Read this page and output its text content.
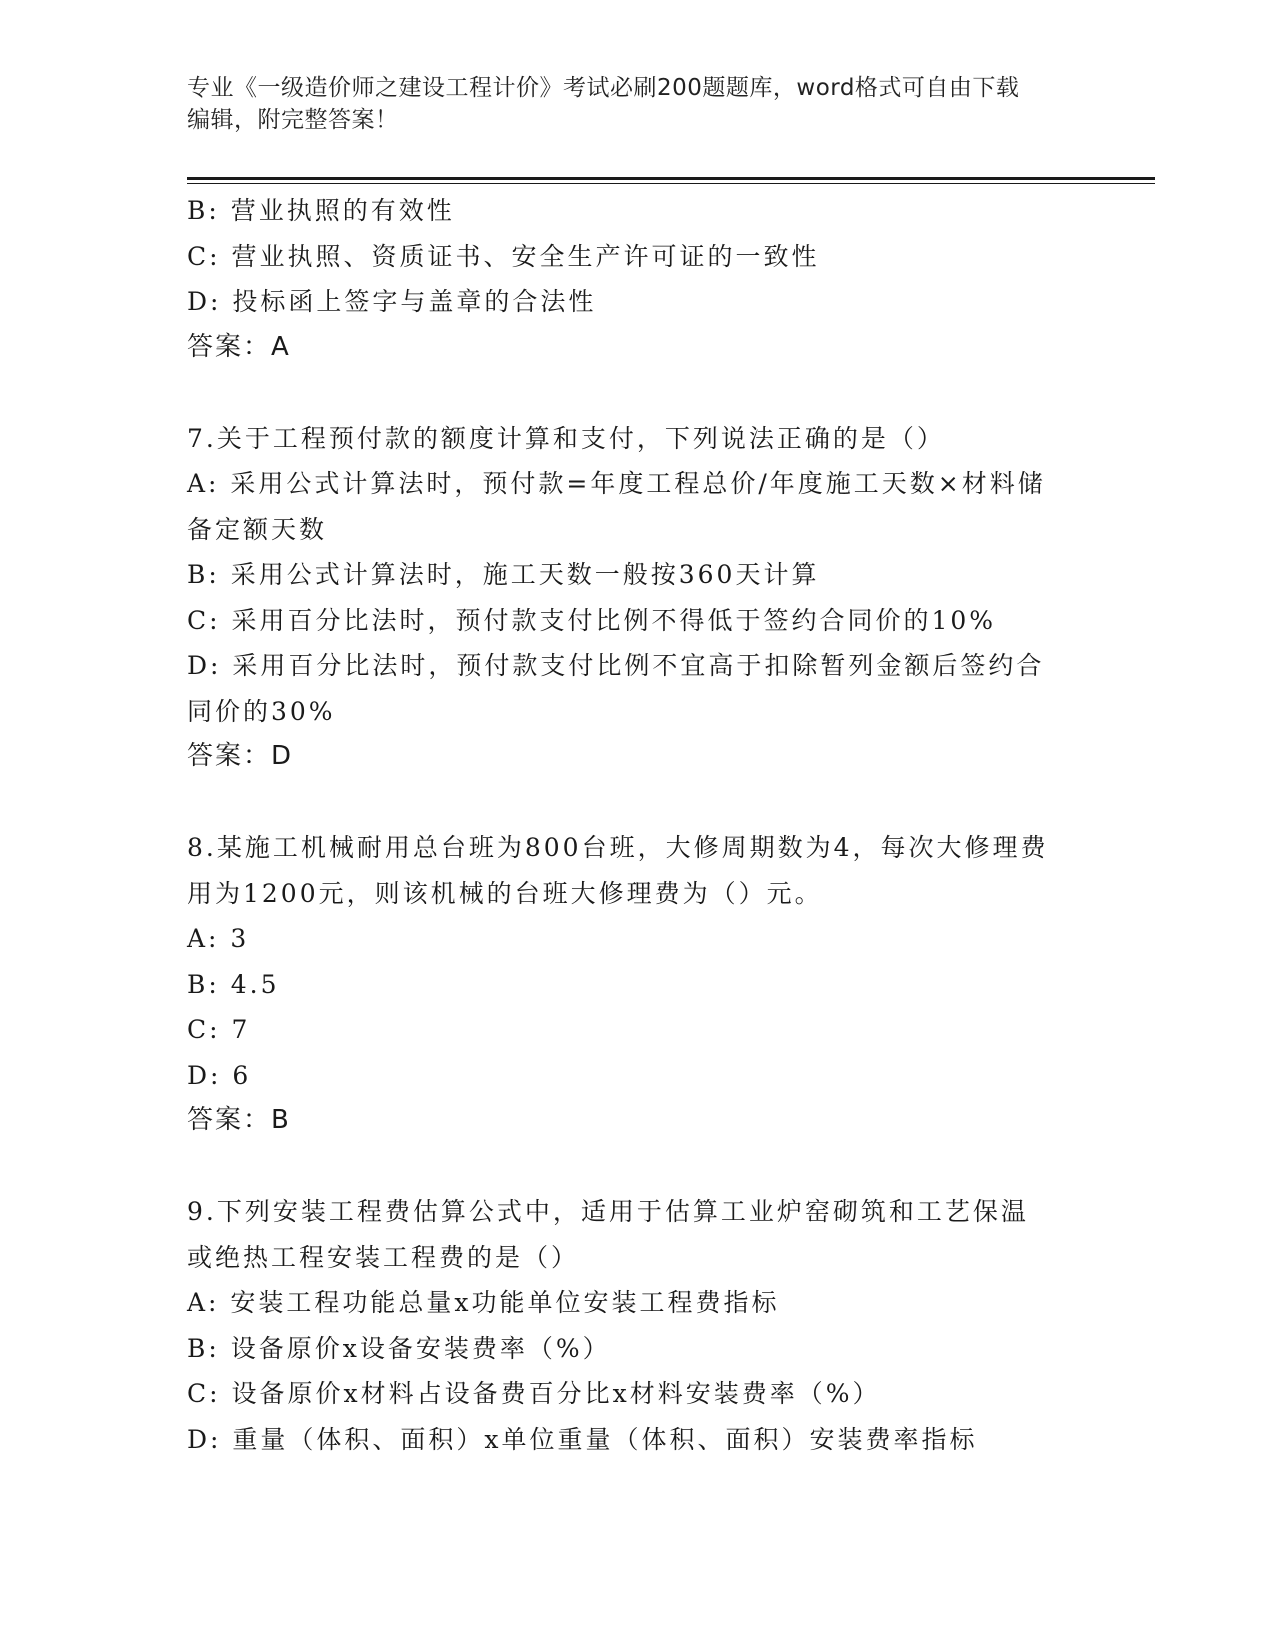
专业《一级造价师之建设工程计价》考试必刷200题题库，word格式可自由下载
编辑，附完整答案！
B: 营业执照的有效性
C: 营业执照、资质证书、安全生产许可证的一致性
D: 投标函上签字与盖章的合法性
答案：A
7.关于工程预付款的额度计算和支付，下列说法正确的是（）
A: 采用公式计算法时，预付款=年度工程总价/年度施工天数×材料储
备定额天数
B: 采用公式计算法时，施工天数一般按360天计算
C: 采用百分比法时，预付款支付比例不得低于签约合同价的10%
D: 采用百分比法时，预付款支付比例不宜高于扣除暂列金额后签约合
同价的30%
答案：D
8.某施工机械耐用总台班为800台班，大修周期数为4，每次大修理费
用为1200元，则该机械的台班大修理费为（）元。
A: 3
B: 4.5
C: 7
D: 6
答案：B
9.下列安装工程费估算公式中，适用于估算工业炉窑砌筑和工艺保温
或绝热工程安装工程费的是（）
A: 安装工程功能总量x功能单位安装工程费指标
B: 设备原价x设备安装费率（%）
C: 设备原价x材料占设备费百分比x材料安装费率（%）
D: 重量（体积、面积）x单位重量（体积、面积）安装费率指标
